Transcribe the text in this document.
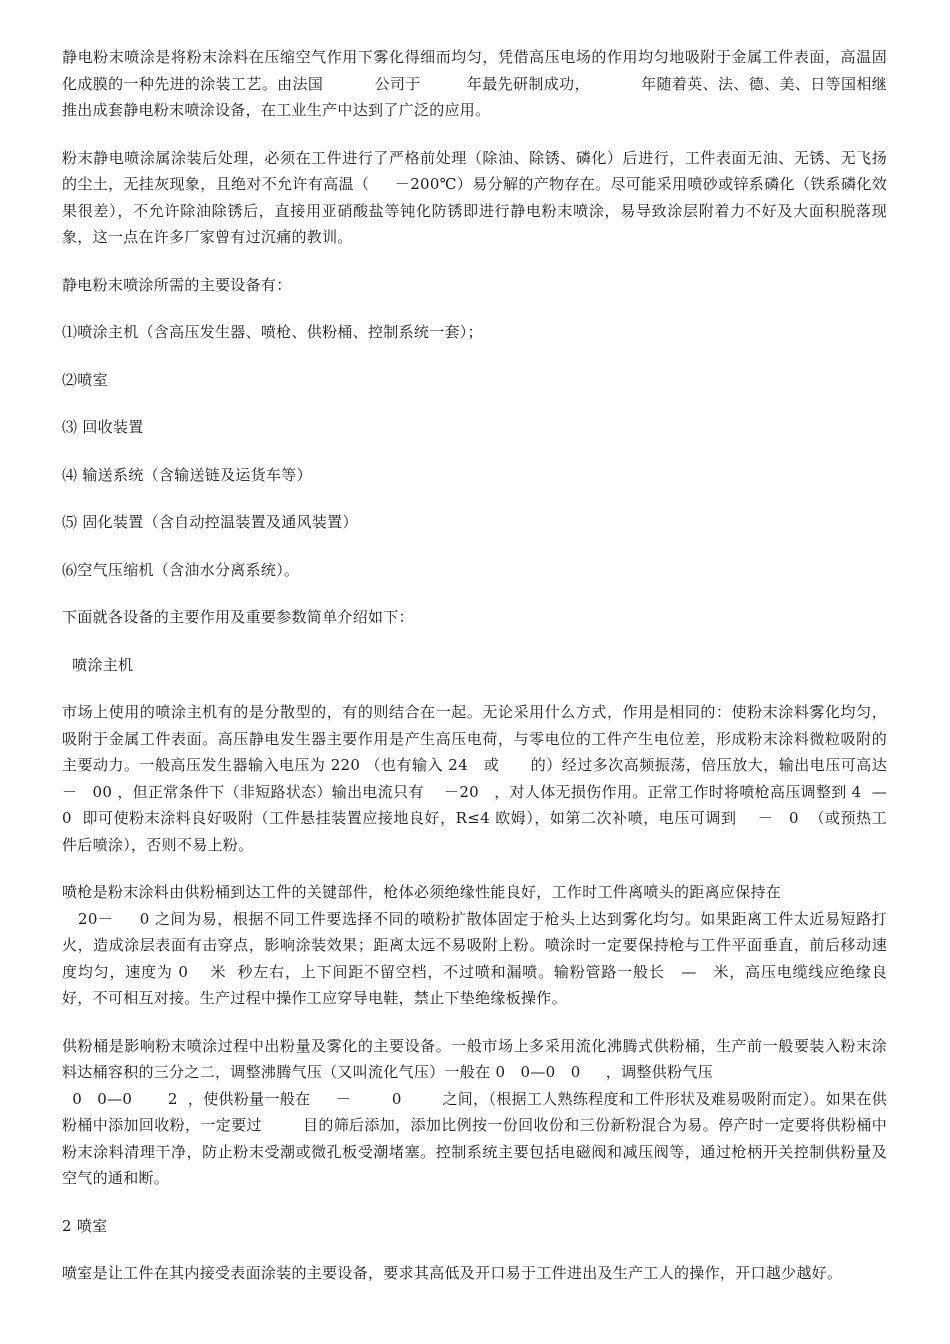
静电粉末喷涂是将粉末涂料在压缩空气作用下雾化得细而均匀，凭借高压电场的作用均匀地吸附于金属工件表面，高温固化成膜的一种先进的涂装工艺。由法国          公司于         年最先研制成功，          年随着英、法、德、美、日等国相继推出成套静电粉末喷涂设备，在工业生产中达到了广泛的应用。

粉末静电喷涂属涂装后处理，必须在工件进行了严格前处理（除油、除锈、磷化）后进行，工件表面无油、无锈、无飞扬的尘土，无挂灰现象，且绝对不允许有高温（     －200℃）易分解的产物存在。尽可能采用喷砂或锌系磷化（铁系磷化效果很差），不允许除油除锈后，直接用亚硝酸盐等钝化防锈即进行静电粉末喷涂，易导致涂层附着力不好及大面积脱落现象，这一点在许多厂家曾有过沉痛的教训。

静电粉末喷涂所需的主要设备有：

⑴喷涂主机（含高压发生器、喷枪、供粉桶、控制系统一套）；

⑵喷室

⑶ 回收装置

⑷ 输送系统（含输送链及运货车等）

⑸ 固化装置（含自动控温装置及通风装置）

⑹空气压缩机（含油水分离系统）。

下面就各设备的主要作用及重要参数简单介绍如下：

喷涂主机

市场上使用的喷涂主机有的是分散型的，有的则结合在一起。无论采用什么方式，作用是相同的：使粉末涂料雾化均匀，吸附于金属工件表面。高压静电发生器主要作用是产生高压电荷，与零电位的工件产生电位差，形成粉末涂料微粒吸附的主要动力。一般高压发生器输入电压为 220 （也有输入 24   或      的）经过多次高频振荡，倍压放大，输出电压可高达    －   00 ，但正常条件下（非短路状态）输出电流只有    －20   ，对人体无损伤作用。正常工作时将喷枪高压调整到 4  —   0  即可使粉末涂料良好吸附（工件悬挂装置应接地良好，R≤4 欧姆），如第二次补喷，电压可调到    －   0  （或预热工件后喷涂），否则不易上粉。

喷枪是粉末涂料由供粉桶到达工件的关键部件，枪体必须绝缘性能良好，工作时工件离喷头的距离应保持在
20－     0 之间为易，根据不同工件要选择不同的喷粉扩散体固定于枪头上达到雾化均匀。如果距离工件太近易短路打火，造成涂层表面有击穿点，影响涂装效果；距离太远不易吸附上粉。喷涂时一定要保持枪与工件平面垂直，前后移动速度均匀，速度为 0    米  秒左右，上下间距不留空档，不过喷和漏喷。输粉管路一般长   —   米，高压电缆线应绝缘良好，不可相互对接。生产过程中操作工应穿导电鞋，禁止下垫绝缘板操作。

供粉桶是影响粉末喷涂过程中出粉量及雾化的主要设备。一般市场上多采用流化沸腾式供粉桶，生产前一般要装入粉末涂料达桶容积的三分之二，调整沸腾气压（又叫流化气压）一般在 0   0—0   0     ，调整供粉气压
0   0—0       2  ，使供粉量一般在     －        0        之间，（根据工人熟练程度和工件形状及难易吸附而定）。如果在供粉桶中添加回收粉，一定要过        目的筛后添加，添加比例按一份回收份和三份新粉混合为易。停产时一定要将供粉桶中粉末涂料清理干净，防止粉末受潮或微孔板受潮堵塞。控制系统主要包括电磁阀和减压阀等，通过枪柄开关控制供粉量及空气的通和断。

2 喷室

喷室是让工件在其内接受表面涂装的主要设备，要求其高低及开口易于工件进出及生产工人的操作，开口越少越好。
